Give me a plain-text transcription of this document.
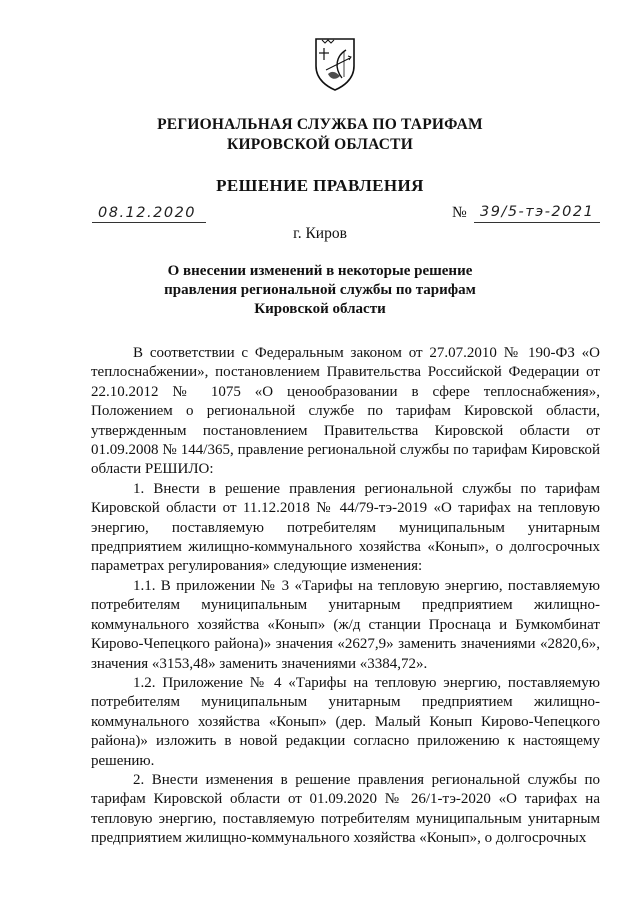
РЕГИОНАЛЬНАЯ СЛУЖБА ПО ТАРИФАМ
КИРОВСКОЙ ОБЛАСТИ
РЕШЕНИЕ ПРАВЛЕНИЯ
08.12.2020	№ 39/5-тэ-2021
г. Киров
О внесении изменений в некоторые решение
правления региональной службы по тарифам
Кировской области

В соответствии с Федеральным законом от 27.07.2010 № 190-ФЗ «О теплоснабжении», постановлением Правительства Российской Федерации от 22.10.2012 № 1075 «О ценообразовании в сфере теплоснабжения», Положением о региональной службе по тарифам Кировской области, утвержденным постановлением Правительства Кировской области от 01.09.2008 № 144/365, правление региональной службы по тарифам Кировской области РЕШИЛО:

1. Внести в решение правления региональной службы по тарифам Кировской области от 11.12.2018 № 44/79-тэ-2019 «О тарифах на тепловую энергию, поставляемую потребителям муниципальным унитарным предприятием жилищно-коммунального хозяйства «Конып», о долгосрочных параметрах регулирования» следующие изменения:

1.1. В приложении № 3 «Тарифы на тепловую энергию, поставляемую потребителям муниципальным унитарным предприятием жилищно-коммунального хозяйства «Конып» (ж/д станции Проснаца и Бумкомбинат Кирово-Чепецкого района)» значения «2627,9» заменить значениями «2820,6», значения «3153,48» заменить значениями «3384,72».

1.2. Приложение № 4 «Тарифы на тепловую энергию, поставляемую потребителям муниципальным унитарным предприятием жилищно-коммунального хозяйства «Конып» (дер. Малый Конып Кирово-Чепецкого района)» изложить в новой редакции согласно приложению к настоящему решению.

2. Внести изменения в решение правления региональной службы по тарифам Кировской области от 01.09.2020 № 26/1-тэ-2020 «О тарифах на тепловую энергию, поставляемую потребителям муниципальным унитарным предприятием жилищно-коммунального хозяйства «Конып», о долгосрочных
